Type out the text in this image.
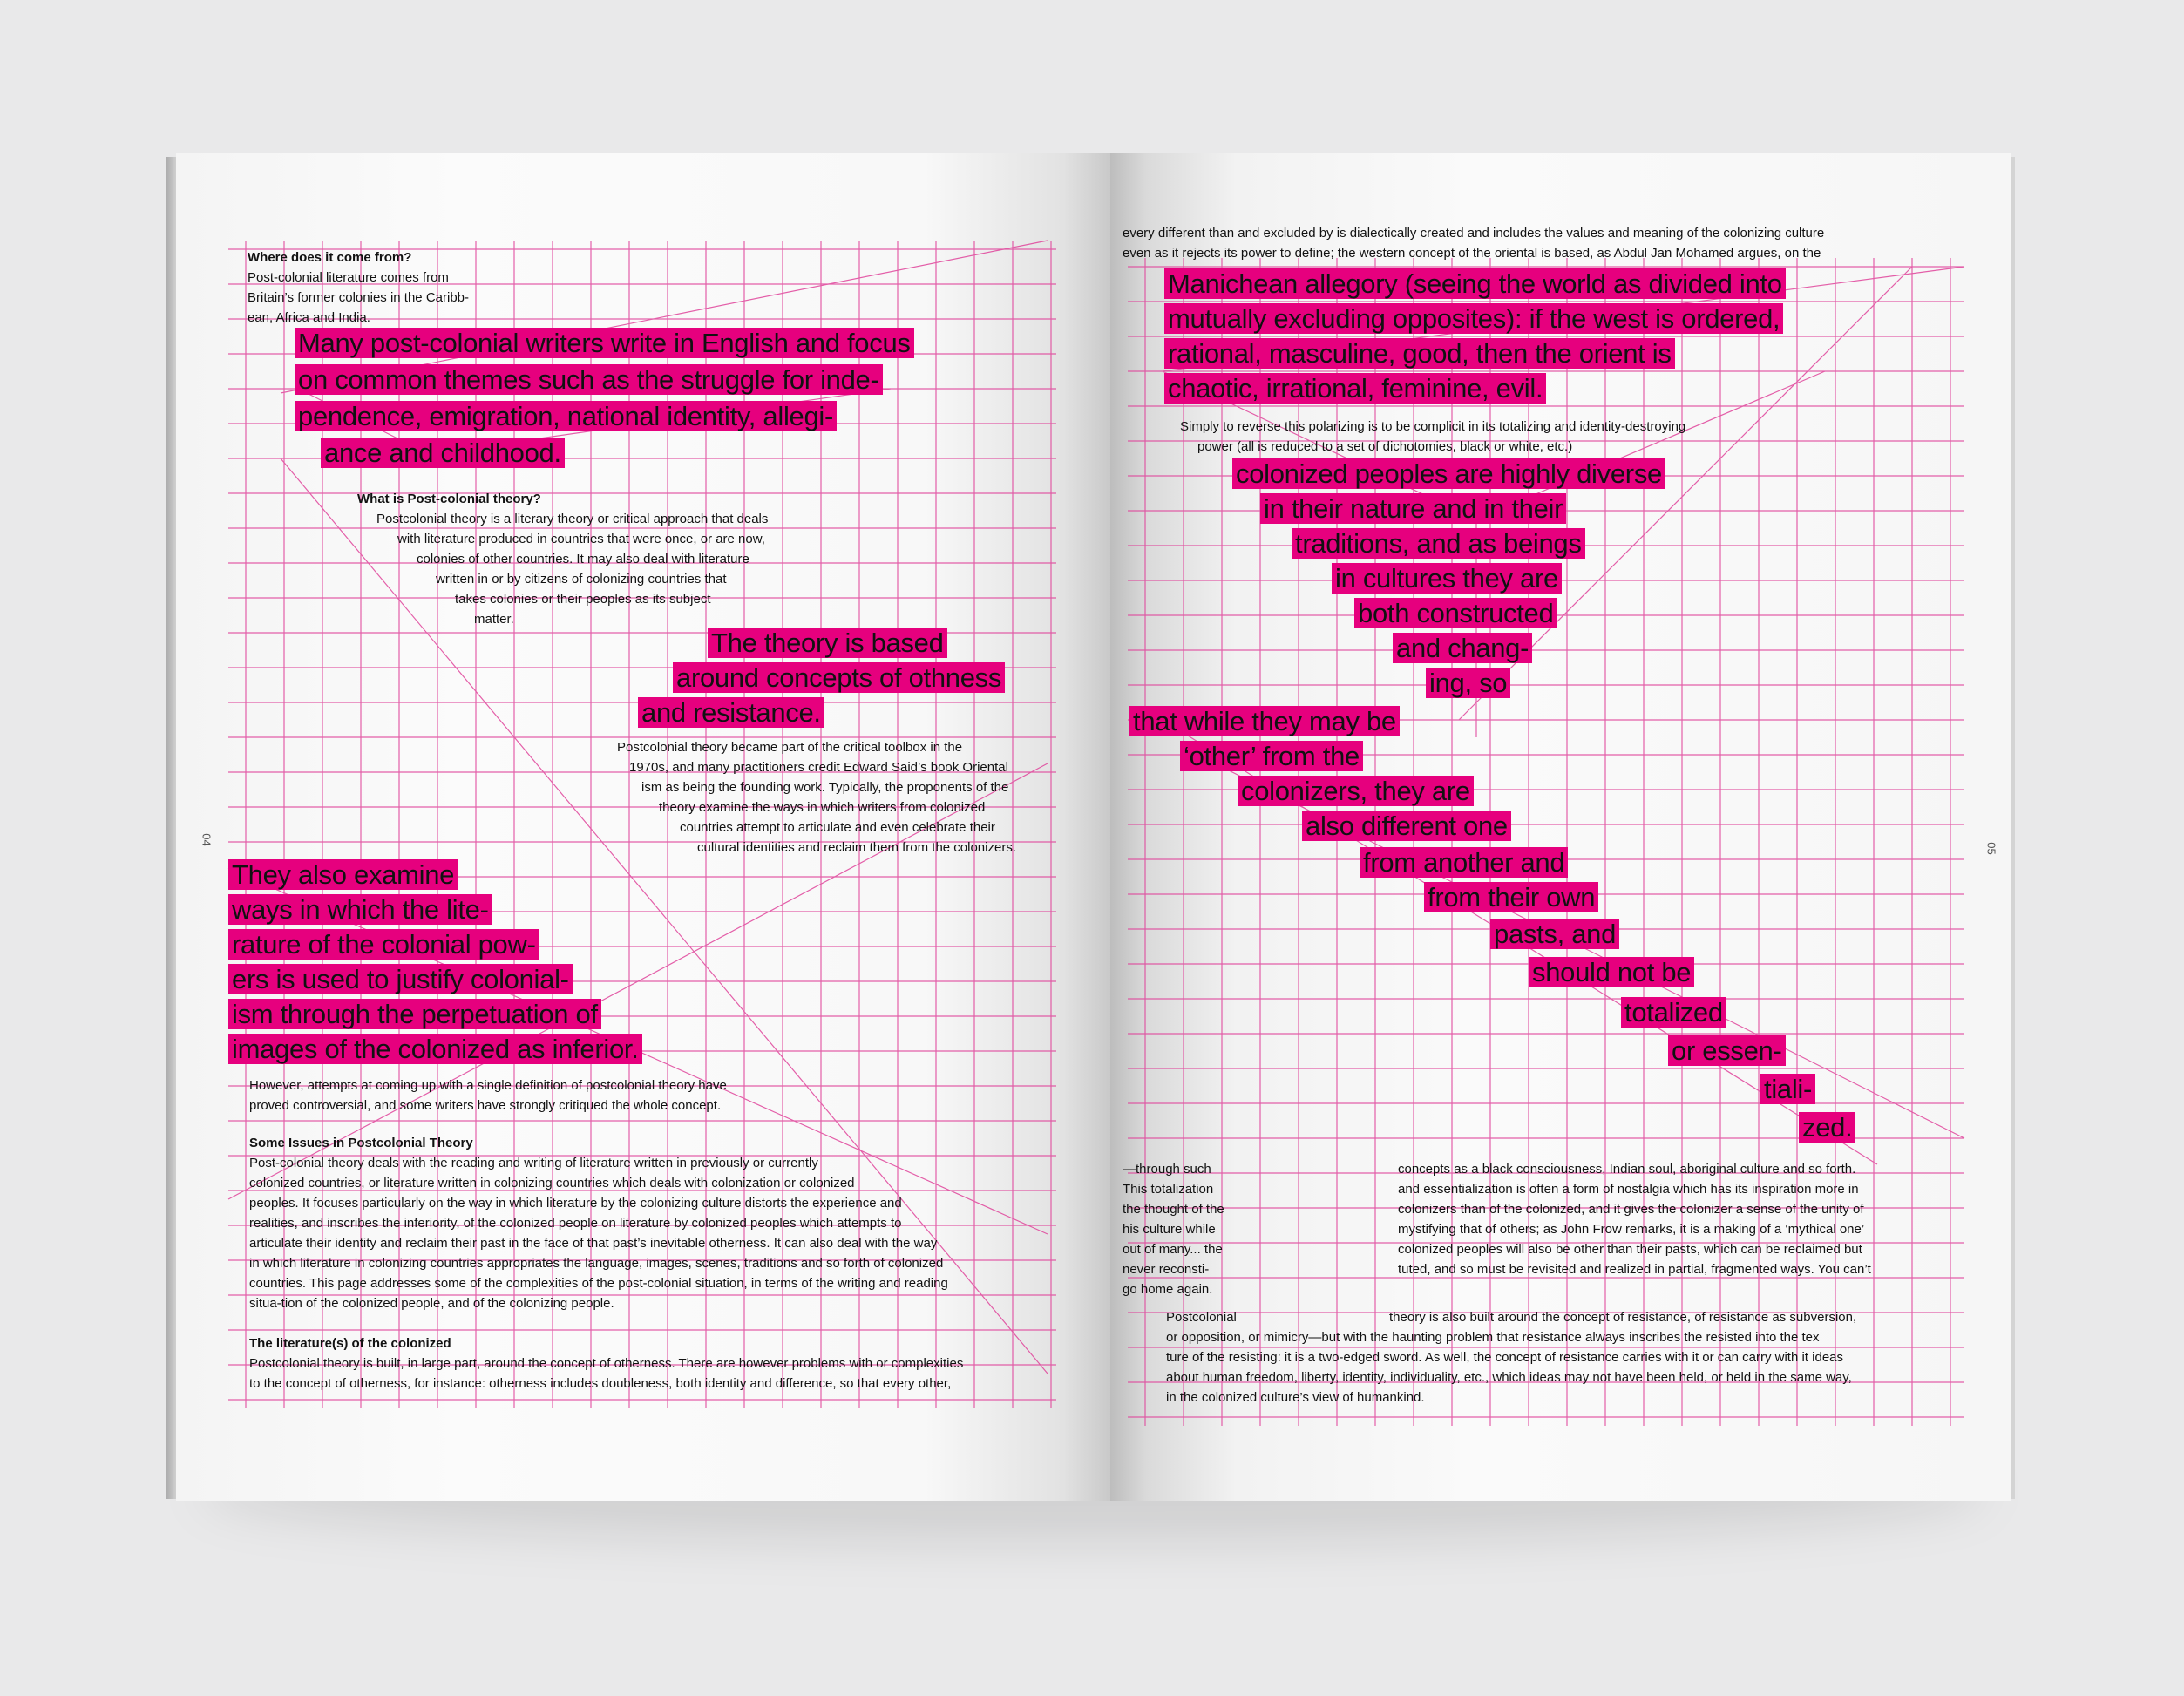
04
Where does it come from?
Post-colonial literature comes from
Britain’s former colonies in the Caribb-
ean, Africa and India.
Many post-colonial writers write in English and focus
on common themes such as the struggle for inde-
pendence, emigration, national identity, allegi-
ance and childhood.
What is Post-colonial theory?
Postcolonial theory is a literary theory or critical approach that deals
with literature produced in countries that were once, or are now,
colonies of other countries. It may also deal with literature
written in or by citizens of colonizing countries that
takes colonies or their peoples as its subject
matter.
The theory is based
around concepts of othness
and resistance.
Postcolonial theory became part of the critical toolbox in the
1970s, and many practitioners credit Edward Said’s book Oriental
ism as being the founding work. Typically, the proponents of the
theory examine the ways in which writers from colonized
countries attempt to articulate and even celebrate their
cultural identities and reclaim them from the colonizers.
They also examine
ways in which the lite-
rature of the colonial pow-
ers is used to justify colonial-
ism through the perpetuation of
images of the colonized as inferior.
However, attempts at coming up with a single definition of postcolonial theory have
proved controversial, and some writers have strongly critiqued the whole concept.
Some Issues in Postcolonial Theory
Post-colonial theory deals with the reading and writing of literature written in previously or currently
colonized countries, or literature written in colonizing countries which deals with colonization or colonized
peoples. It focuses particularly on the way in which literature by the colonizing culture distorts the experience and
realities, and inscribes the inferiority, of the colonized people on literature by colonized peoples which attempts to
articulate their identity and reclaim their past in the face of that past’s inevitable otherness. It can also deal with the way
in which literature in colonizing countries appropriates the language, images, scenes, traditions and so forth of colonized
countries. This page addresses some of the complexities of the post-colonial situation, in terms of the writing and reading
situa-tion of the colonized people, and of the colonizing people.
The literature(s) of the colonized
Postcolonial theory is built, in large part, around the concept of otherness. There are however problems with or complexities
to the concept of otherness, for instance: otherness includes doubleness, both identity and difference, so that every other,
05
every different than and excluded by is dialectically created and includes the values and meaning of the colonizing culture
even as it rejects its power to define; the western concept of the oriental is based, as Abdul Jan Mohamed argues, on the
Manichean allegory (seeing the world as divided into
mutually excluding opposites): if the west is ordered,
rational, masculine, good, then the orient is
chaotic, irrational, feminine, evil.
Simply to reverse this polarizing is to be complicit in its totalizing and identity-destroying
power (all is reduced to a set of dichotomies, black or white, etc.)
colonized peoples are highly diverse
in their nature and in their
traditions, and as beings
in cultures they are
both constructed
and chang-
ing, so
that while they may be
‘other’ from the
colonizers, they are
also different one
from another and
from their own
pasts, and
should not be
totalized
or essen-
tiali-
zed.
—through such
This totalization
the thought of the
his culture while
out of many... the
never reconsti-
go home again.
concepts as a black consciousness, Indian soul, aboriginal culture and so forth.
and essentialization is often a form of nostalgia which has its inspiration more in
colonizers than of the colonized, and it gives the colonizer a sense of the unity of
mystifying that of others; as John Frow remarks, it is a making of a ‘mythical one’
colonized peoples will also be other than their pasts, which can be reclaimed but
tuted, and so must be revisited and realized in partial, fragmented ways. You can’t
Postcolonial	theory is also built around the concept of resistance, of resistance as subversion,
or opposition, or mimicry—but with the haunting problem that resistance always inscribes the resisted into the tex
ture of the resisting: it is a two-edged sword. As well, the concept of resistance carries with it or can carry with it ideas
about human freedom, liberty, identity, individuality, etc., which ideas may not have been held, or held in the same way,
in the colonized culture’s view of humankind.
